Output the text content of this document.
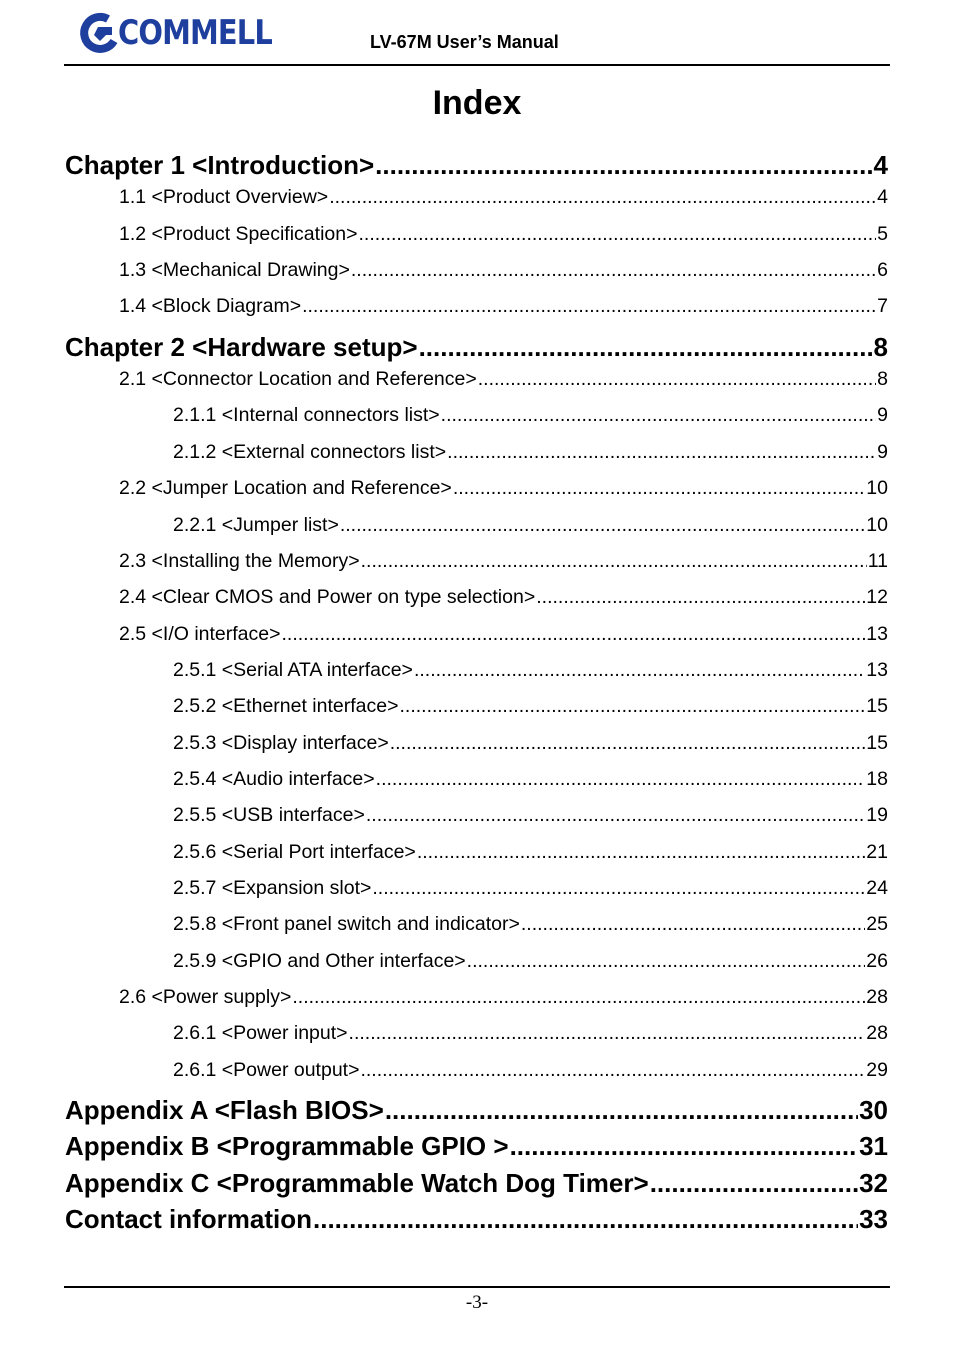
COMMELL	LV-67M User’s Manual
Index
Chapter 1 <Introduction> .....	4
1.1 <Product Overview> .....	4
1.2 <Product Specification> .....	5
1.3 <Mechanical Drawing> .....	6
1.4 <Block Diagram> .....	7
Chapter 2 <Hardware setup> .....	8
2.1 <Connector Location and Reference> .....	8
2.1.1 <Internal connectors list> .....	9
2.1.2 <External connectors list> .....	9
2.2 <Jumper Location and Reference> .....	10
2.2.1 <Jumper list> .....	10
2.3 <Installing the Memory> .....	11
2.4 <Clear CMOS and Power on type selection> .....	12
2.5 <I/O interface> .....	13
2.5.1 <Serial ATA interface> .....	13
2.5.2 <Ethernet interface> .....	15
2.5.3 <Display interface> .....	15
2.5.4 <Audio interface> .....	18
2.5.5 <USB interface> .....	19
2.5.6 <Serial Port interface> .....	21
2.5.7 <Expansion slot> .....	24
2.5.8 <Front panel switch and indicator> .....	25
2.5.9 <GPIO and Other interface> .....	26
2.6 <Power supply> .....	28
2.6.1 <Power input> .....	28
2.6.1 <Power output> .....	29
Appendix A <Flash BIOS> .....	30
Appendix B <Programmable GPIO > .....	31
Appendix C <Programmable Watch Dog Timer> .....	32
Contact information .....	33
-3-
